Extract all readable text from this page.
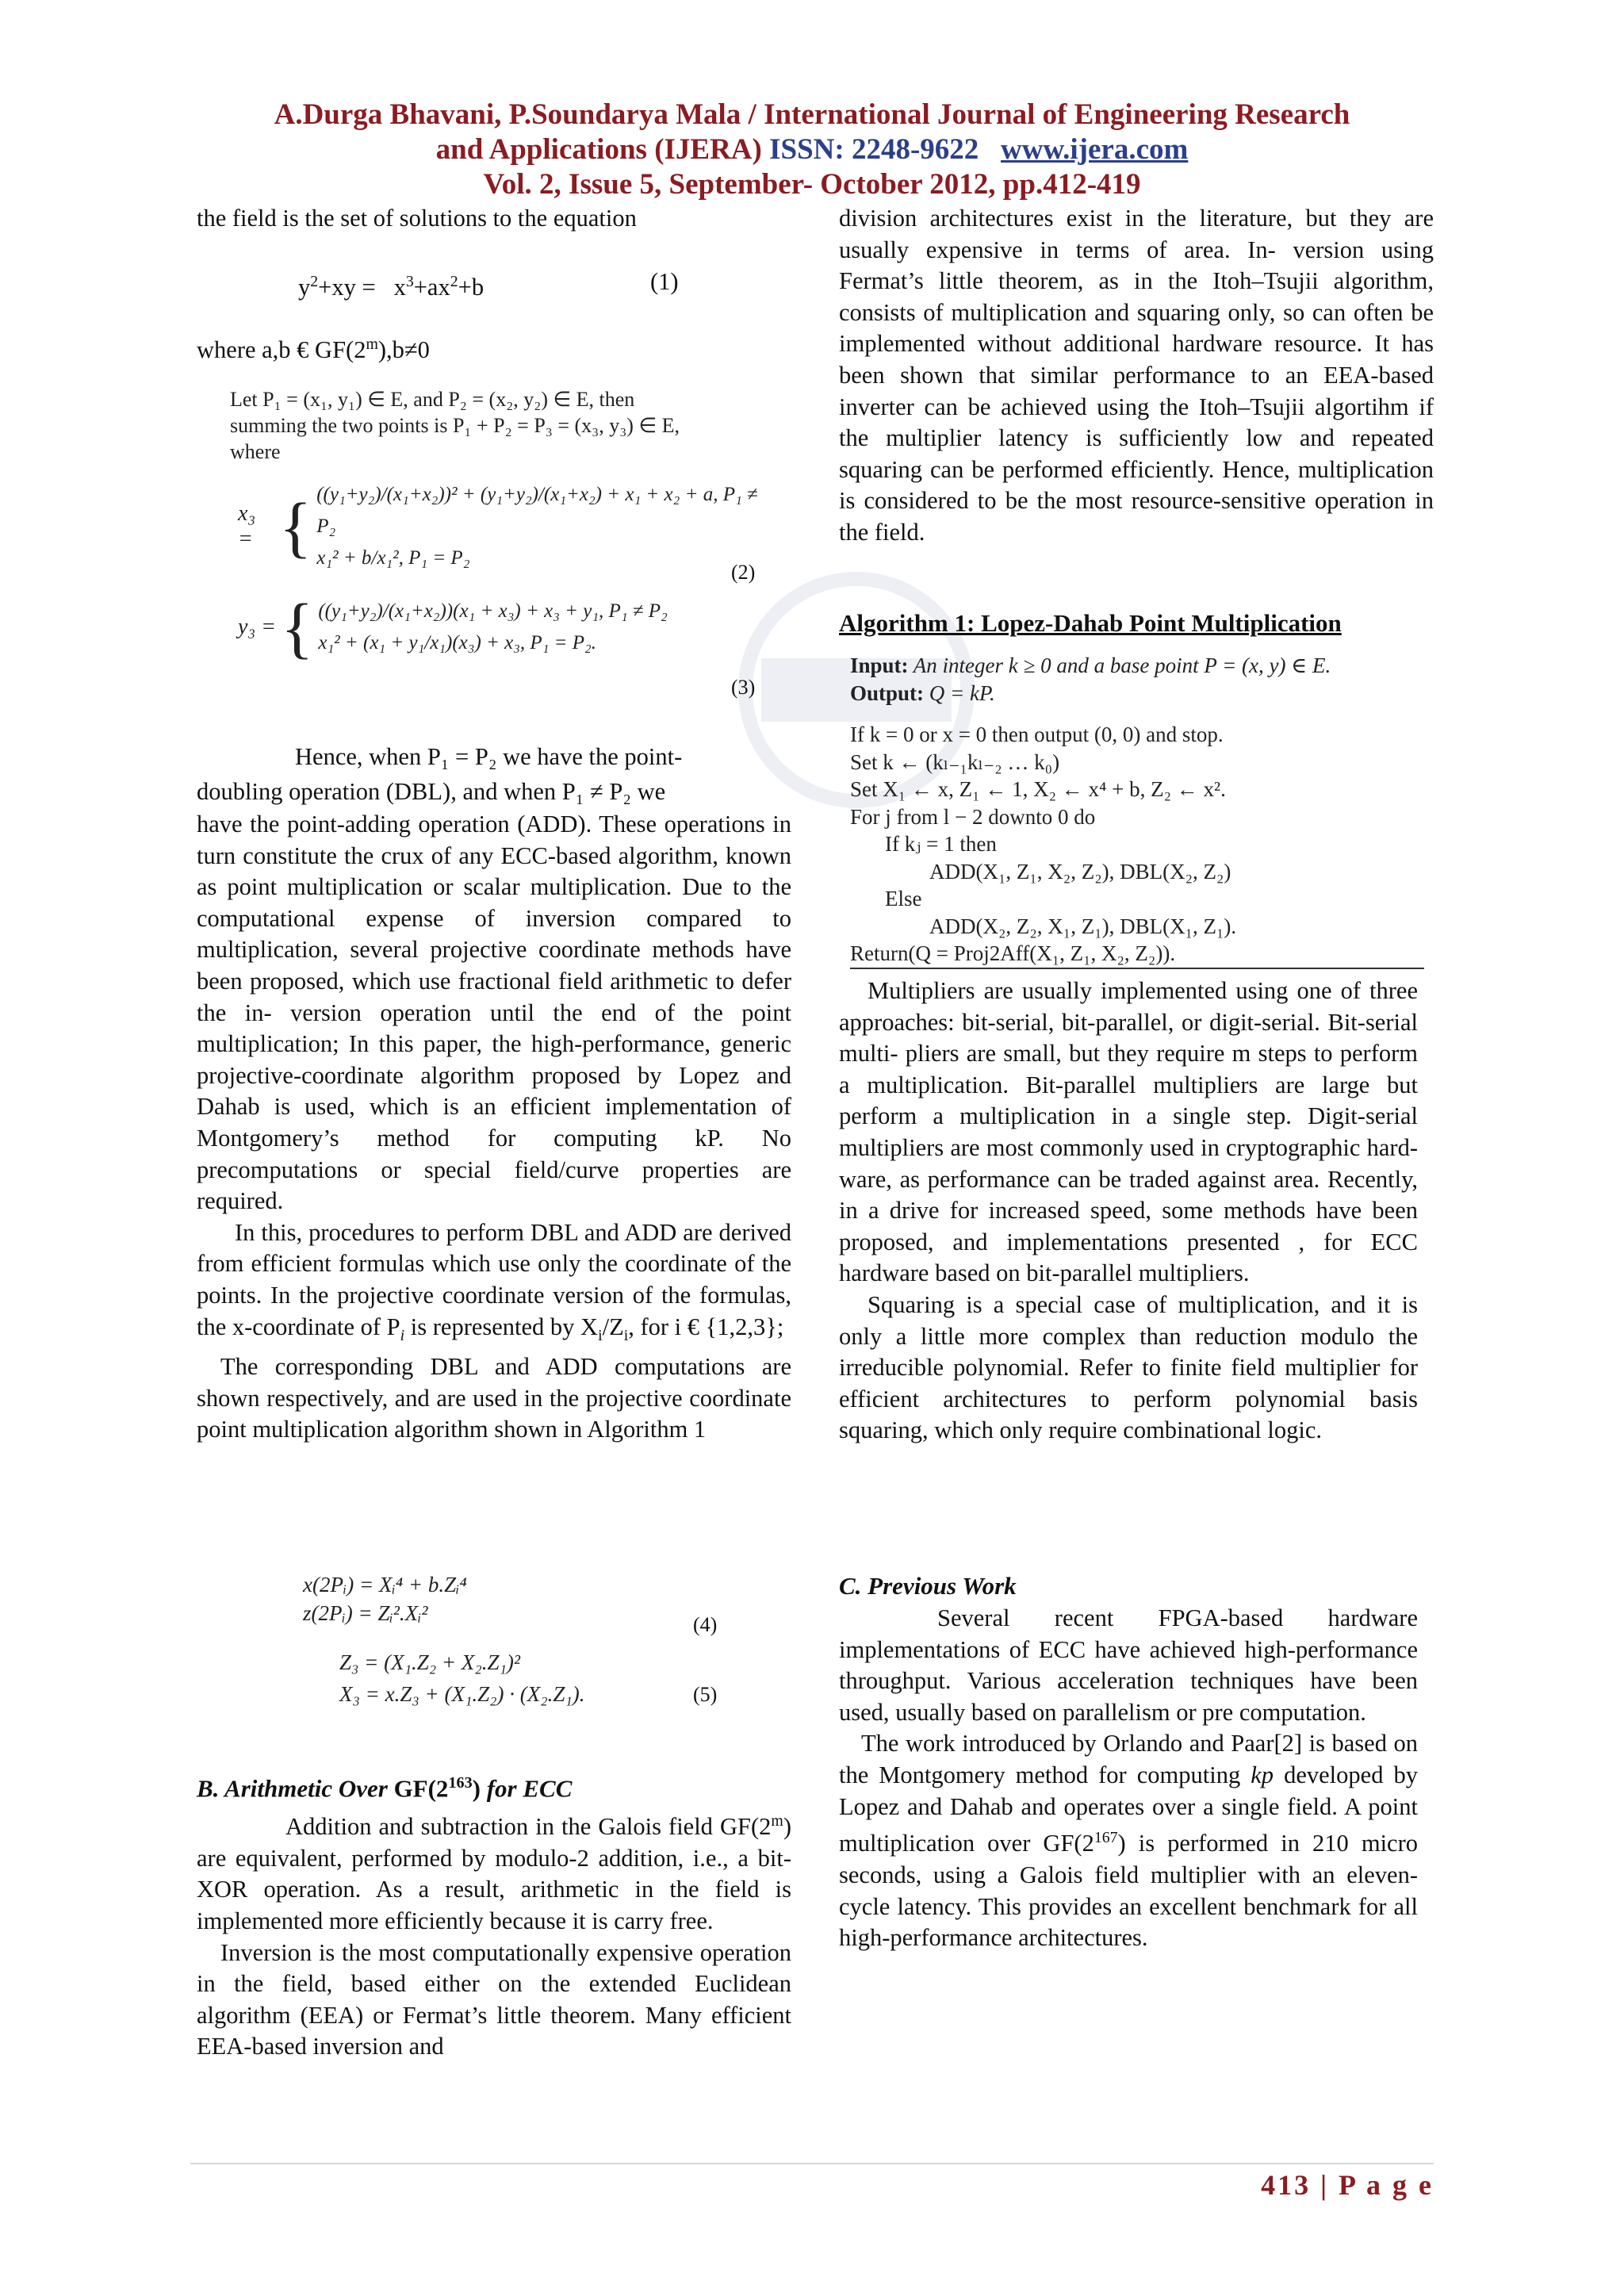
A.Durga Bhavani, P.Soundarya Mala / International Journal of Engineering Research
and Applications (IJERA) ISSN: 2248-9622 www.ijera.com
Vol. 2, Issue 5, September- October 2012, pp.412-419
the field is the set of solutions to the equation
$y^2+xy = x^3+ax^2+b$	(1)
where a,b € $GF(2^m),b\ne 0$
Let P₁ = (x₁, y₁) ∈ E, and P₂ = (x₂, y₂) ∈ E, then
summing the two points is P₁ + P₂ = P₃ = (x₃, y₃) ∈ E,
where
x₃ = { ((y₁+y₂)/(x₁+x₂))² + (y₁+y₂)/(x₁+x₂) + x₁ + x₂ + a, P₁ ≠ P₂
x₁² + b/x₁², P₁ = P₂
(2)
y₃ = { ((y₁+y₂)/(x₁+x₂))(x₁ + x₃) + x₃ + y₁, P₁ ≠ P₂
x₁² + (x₁ + y₁/x₁)(x₃) + x₃, P₁ = P₂.
(3)

Hence, when P₁ = P₂ we have the point-

doubling operation (DBL), and when P₁ ≠ P₂ we

have the point-adding operation (ADD). These operations in turn constitute the crux of any ECC-based algorithm, known as point multiplication or scalar multiplication. Due to the computational expense of inversion compared to multiplication, several projective coordinate methods have been proposed, which use fractional field arithmetic to defer the in- version operation until the end of the point multiplication; In this paper, the high-performance, generic projective-coordinate algorithm proposed by Lopez and Dahab is used, which is an efficient implementation of Montgomery’s method for computing kP. No precomputations or special field/curve properties are required.

In this, procedures to perform DBL and ADD are derived from efficient formulas which use only the coordinate of the points. In the projective coordinate version of the formulas, the x-coordinate of $P_i$ is represented by $X_i/Z_i$, for i € {1,2,3};

The corresponding DBL and ADD computations are shown respectively, and are used in the projective coordinate point multiplication algorithm shown in Algorithm 1

x(2Pᵢ) = Xᵢ⁴ + b.Zᵢ⁴
z(2Pᵢ) = Zᵢ².Xᵢ²	(4)
Z₃ = (X₁.Z₂ + X₂.Z₁)²
X₃ = x.Z₃ + (X₁.Z₂) · (X₂.Z₁).	(5)
B. Arithmetic Over $GF(2^{163})$ for ECC

Addition and subtraction in the Galois field GF(2$^m$) are equivalent, performed by modulo-2 addition, i.e., a bit-XOR operation. As a result, arithmetic in the field is implemented more efficiently because it is carry free.

Inversion is the most computationally expensive operation in the field, based either on the extended Euclidean algorithm (EEA) or Fermat’s little theorem. Many efficient EEA-based inversion and

division architectures exist in the literature, but they are usually expensive in terms of area. In- version using Fermat’s little theorem, as in the Itoh–Tsujii algorithm, consists of multiplication and squaring only, so can often be implemented without additional hardware resource. It has been shown that similar performance to an EEA-based inverter can be achieved using the Itoh–Tsujii algortihm if the multiplier latency is sufficiently low and repeated squaring can be performed efficiently. Hence, multiplication is considered to be the most resource-sensitive operation in the field.
Algorithm 1: Lopez-Dahab Point Multiplication
Input: An integer k ≥ 0 and a base point P = (x, y) ∈ E.
Output: Q = kP.
If k = 0 or x = 0 then output (0, 0) and stop.
Set k ← (kₗ₋₁kₗ₋₂ … k₀)
Set X₁ ← x, Z₁ ← 1, X₂ ← x⁴ + b, Z₂ ← x².
For j from l − 2 downto 0 do
If kⱼ = 1 then
ADD(X₁, Z₁, X₂, Z₂), DBL(X₂, Z₂)
Else
ADD(X₂, Z₂, X₁, Z₁), DBL(X₁, Z₁).
Return(Q = Proj2Aff(X₁, Z₁, X₂, Z₂)).

Multipliers are usually implemented using one of three approaches: bit-serial, bit-parallel, or digit-serial. Bit-serial multi- pliers are small, but they require m steps to perform a multiplication. Bit-parallel multipliers are large but perform a multiplication in a single step. Digit-serial multipliers are most commonly used in cryptographic hard- ware, as performance can be traded against area. Recently, in a drive for increased speed, some methods have been proposed, and implementations presented , for ECC hardware based on bit-parallel multipliers.

Squaring is a special case of multiplication, and it is only a little more complex than reduction modulo the irreducible polynomial. Refer to finite field multiplier for efficient architectures to perform polynomial basis squaring, which only require combinational logic.

C. Previous Work

Several recent FPGA-based hardware implementations of ECC have achieved high-performance throughput. Various acceleration techniques have been used, usually based on parallelism or pre computation.

The work introduced by Orlando and Paar[2] is based on the Montgomery method for computing kp developed by Lopez and Dahab and operates over a single field. A point multiplication over $GF(2^{167})$ is performed in 210 micro seconds, using a Galois field multiplier with an eleven-cycle latency. This provides an excellent benchmark for all high-performance architectures.

413 | P a g e
